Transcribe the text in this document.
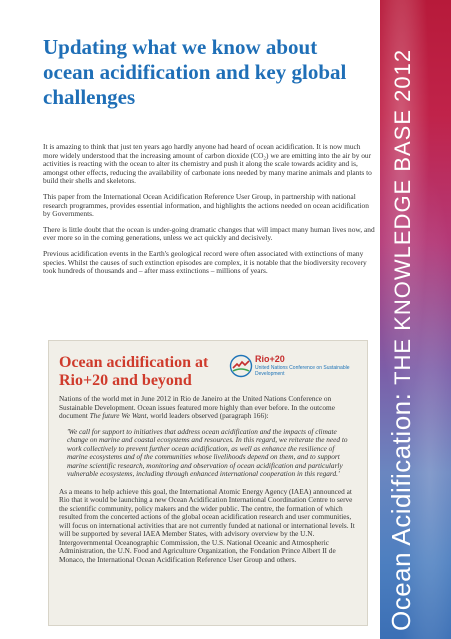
Ocean Acidification: THE KNOWLEDGE BASE 2012
Updating what we know about ocean acidification and key global challenges

It is amazing to think that just ten years ago hardly anyone had heard of ocean acidification. It is now much more widely understood that the increasing amount of carbon dioxide (CO₂) we are emitting into the air by our activities is reacting with the ocean to alter its chemistry and push it along the scale towards acidity and is, amongst other effects, reducing the availability of carbonate ions needed by many marine animals and plants to build their shells and skeletons.

This paper from the International Ocean Acidification Reference User Group, in partnership with national research programmes, provides essential information, and highlights the actions needed on ocean acidification by Governments.

There is little doubt that the ocean is under-going dramatic changes that will impact many human lives now, and ever more so in the coming generations, unless we act quickly and decisively.

Previous acidification events in the Earth's geological record were often associated with extinctions of many species. Whilst the causes of such extinction episodes are complex, it is notable that the biodiversity recovery took hundreds of thousands and – after mass extinctions – millions of years.

Ocean acidification at Rio+20 and beyond
Rio+20
United Nations Conference on Sustainable Development

Nations of the world met in June 2012 in Rio de Janeiro at the United Nations Conference on Sustainable Development. Ocean issues featured more highly than ever before. In the outcome document The future We Want, world leaders observed (paragraph 166):

'We call for support to initiatives that address ocean acidification and the impacts of climate change on marine and coastal ecosystems and resources. In this regard, we reiterate the need to work collectively to prevent further ocean acidification, as well as enhance the resilience of marine ecosystems and of the communities whose livelihoods depend on them, and to support marine scientific research, monitoring and observation of ocean acidification and particularly vulnerable ecosystems, including through enhanced international cooperation in this regard.'

As a means to help achieve this goal, the International Atomic Energy Agency (IAEA) announced at Rio that it would be launching a new Ocean Acidification International Coordination Centre to serve the scientific community, policy makers and the wider public. The centre, the formation of which resulted from the concerted actions of the global ocean acidification research and user communities, will focus on international activities that are not currently funded at national or international levels. It will be supported by several IAEA Member States, with advisory overview by the U.N. Intergovernmental Oceanographic Commission, the U.S. National Oceanic and Atmospheric Administration, the U.N. Food and Agriculture Organization, the Fondation Prince Albert II de Monaco, the International Ocean Acidification Reference User Group and others.
